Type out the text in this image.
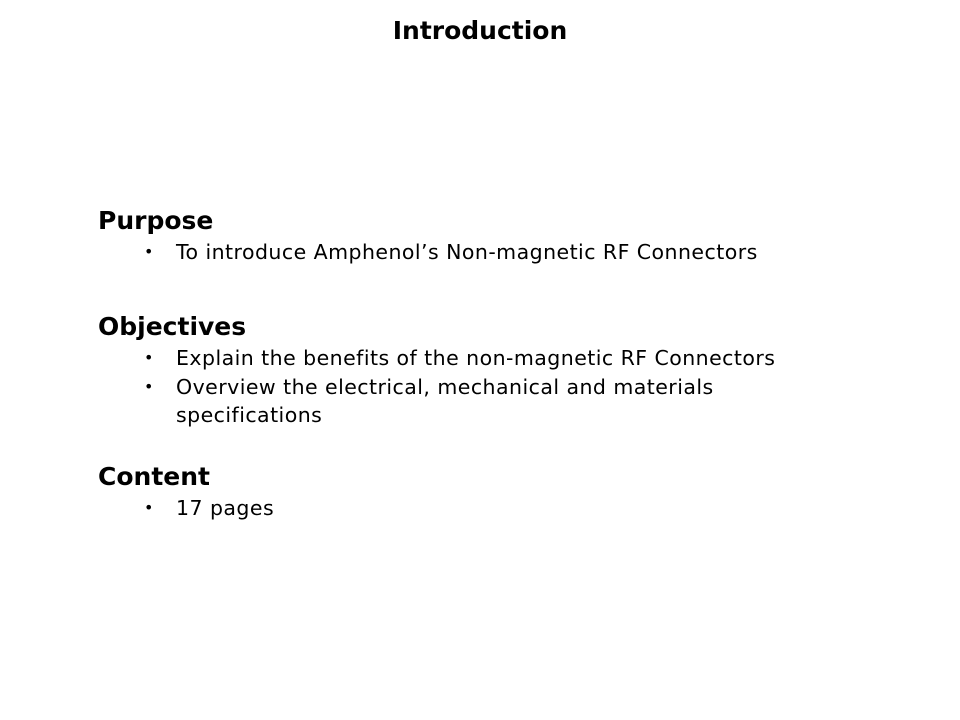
Introduction
Purpose
• To introduce Amphenol’s Non-magnetic RF Connectors
Objectives
• Explain the benefits of the non-magnetic RF Connectors
• Overview the electrical, mechanical and materials specifications
Content
• 17 pages
